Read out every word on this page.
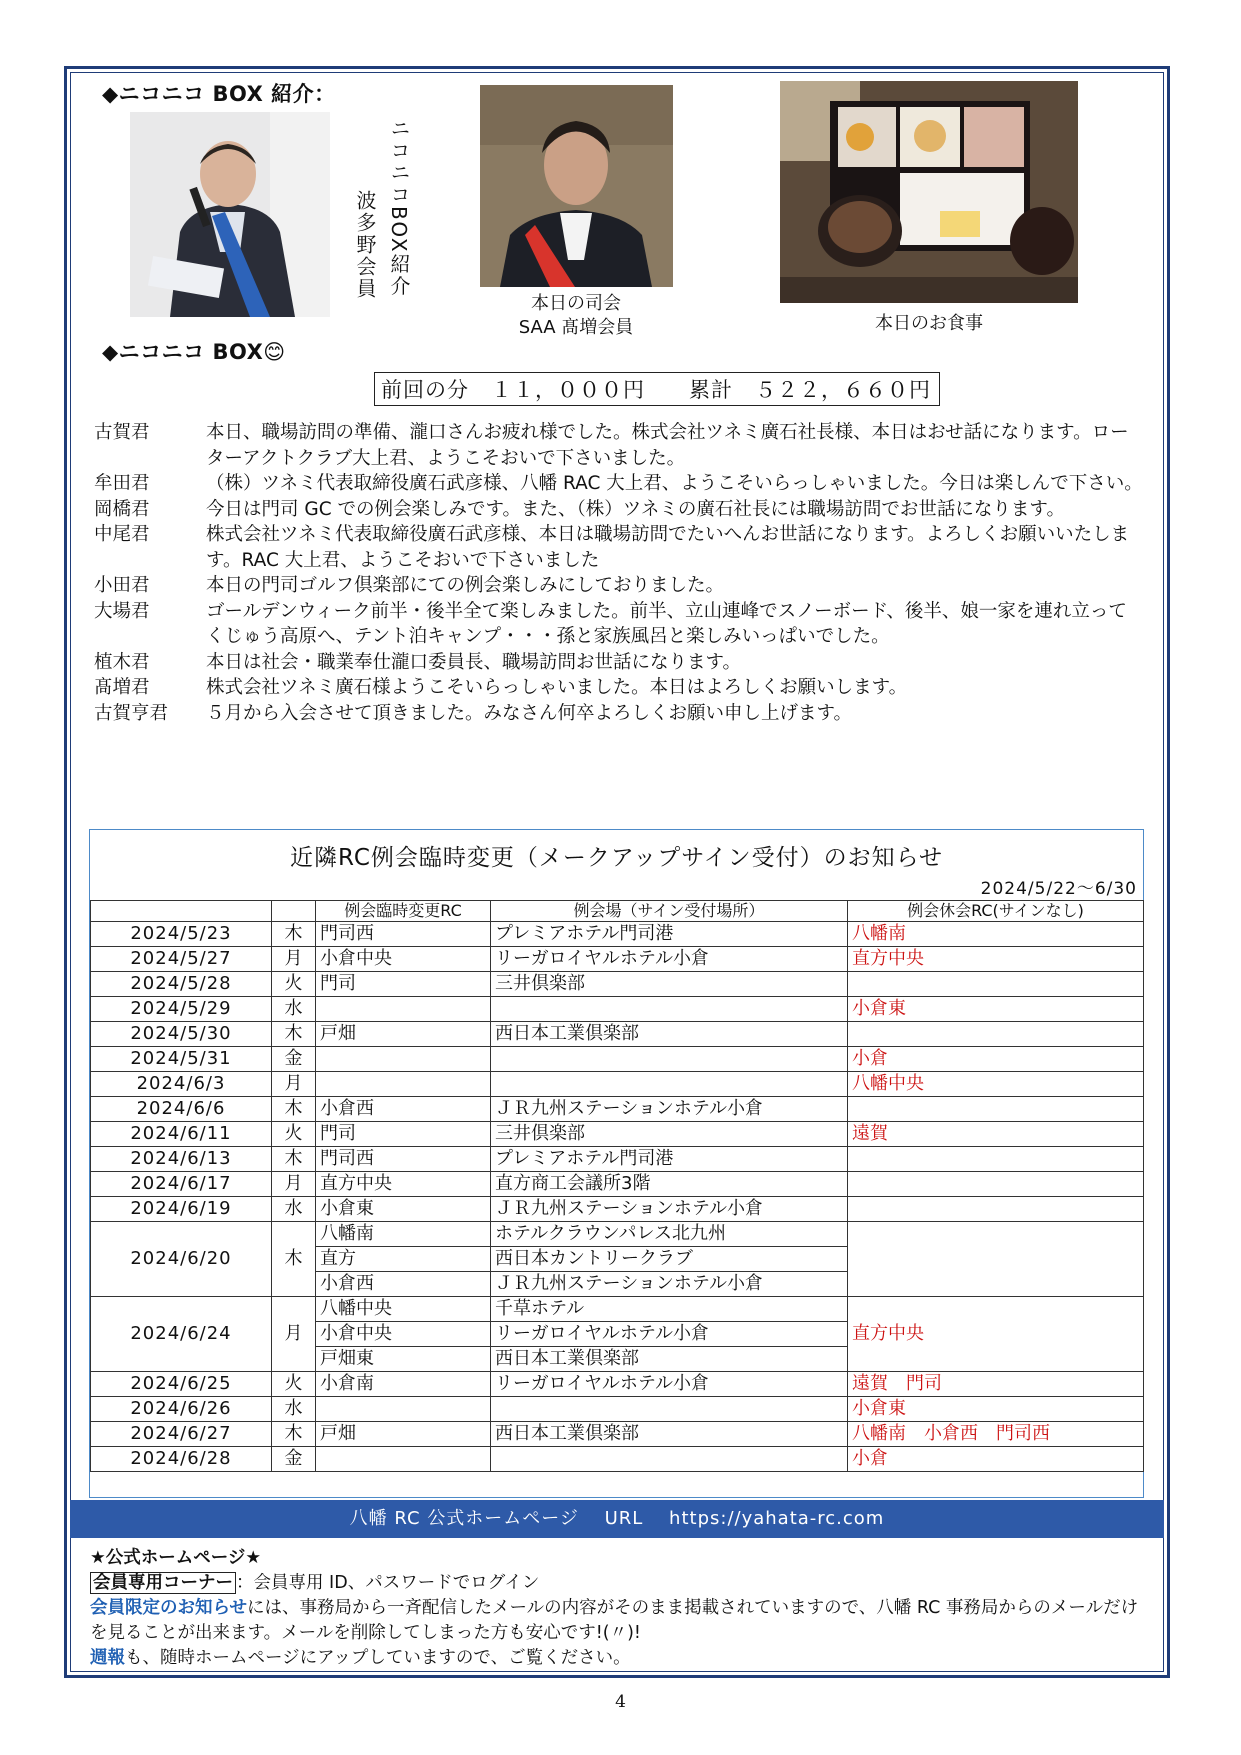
◆ニコニコ BOX 紹介：
◆ニコニコ BOX😊
ニコニコBOX紹介
波多野会員
本日の司会
SAA 髙増会員	本日のお食事
前回の分　１１，０００円　　累計　５２２，６６０円
古賀君	本日、職場訪問の準備、瀧口さんお疲れ様でした。株式会社ツネミ廣石社長様、本日はおせ話になります。ローターアクトクラブ大上君、ようこそおいで下さいました。
牟田君	（株）ツネミ代表取締役廣石武彦様、八幡 RAC 大上君、ようこそいらっしゃいました。今日は楽しんで下さい。
岡橋君	今日は門司 GC での例会楽しみです。また、（株）ツネミの廣石社長には職場訪問でお世話になります。
中尾君	株式会社ツネミ代表取締役廣石武彦様、本日は職場訪問でたいへんお世話になります。よろしくお願いいたします。RAC 大上君、ようこそおいで下さいました
小田君	本日の門司ゴルフ倶楽部にての例会楽しみにしておりました。
大場君	ゴールデンウィーク前半・後半全て楽しみました。前半、立山連峰でスノーボード、後半、娘一家を連れ立ってくじゅう高原へ、テント泊キャンプ・・・孫と家族風呂と楽しみいっぱいでした。
植木君	本日は社会・職業奉仕瀧口委員長、職場訪問お世話になります。
髙増君	株式会社ツネミ廣石様ようこそいらっしゃいました。本日はよろしくお願いします。
古賀亨君	５月から入会させて頂きました。みなさん何卒よろしくお願い申し上げます。
近隣RC例会臨時変更（メークアップサイン受付）のお知らせ
2024/5/22～6/30
		例会臨時変更RC	例会場（サイン受付場所）	例会休会RC(サインなし)
2024/5/23	木	門司西	プレミアホテル門司港	八幡南
2024/5/27	月	小倉中央	リーガロイヤルホテル小倉	直方中央
2024/5/28	火	門司	三井倶楽部	
2024/5/29	水			小倉東
2024/5/30	木	戸畑	西日本工業倶楽部	
2024/5/31	金			小倉
2024/6/3	月			八幡中央
2024/6/6	木	小倉西	ＪＲ九州ステーションホテル小倉	
2024/6/11	火	門司	三井倶楽部	遠賀
2024/6/13	木	門司西	プレミアホテル門司港	
2024/6/17	月	直方中央	直方商工会議所3階	
2024/6/19	水	小倉東	ＪＲ九州ステーションホテル小倉	
2024/6/20	木	八幡南	ホテルクラウンパレス北九州	
		直方	西日本カントリークラブ	
		小倉西	ＪＲ九州ステーションホテル小倉	
2024/6/24	月	八幡中央	千草ホテル	直方中央
		小倉中央	リーガロイヤルホテル小倉	
		戸畑東	西日本工業倶楽部	
2024/6/25	火	小倉南	リーガロイヤルホテル小倉	遠賀　門司
2024/6/26	水			小倉東
2024/6/27	木	戸畑	西日本工業倶楽部	八幡南　小倉西　門司西
2024/6/28	金			小倉
八幡 RC 公式ホームページ　 URL　 https://yahata-rc.com
★公式ホームページ★
会員専用コーナー ：会員専用 ID、パスワードでログイン
会員限定のお知らせには、事務局から一斉配信したメールの内容がそのまま掲載されていますので、八幡 RC 事務局からのメールだけを見ることが出来ます。メールを削除してしまった方も安心です!(〃)!
週報も、随時ホームページにアップしていますので、ご覧ください。
4
